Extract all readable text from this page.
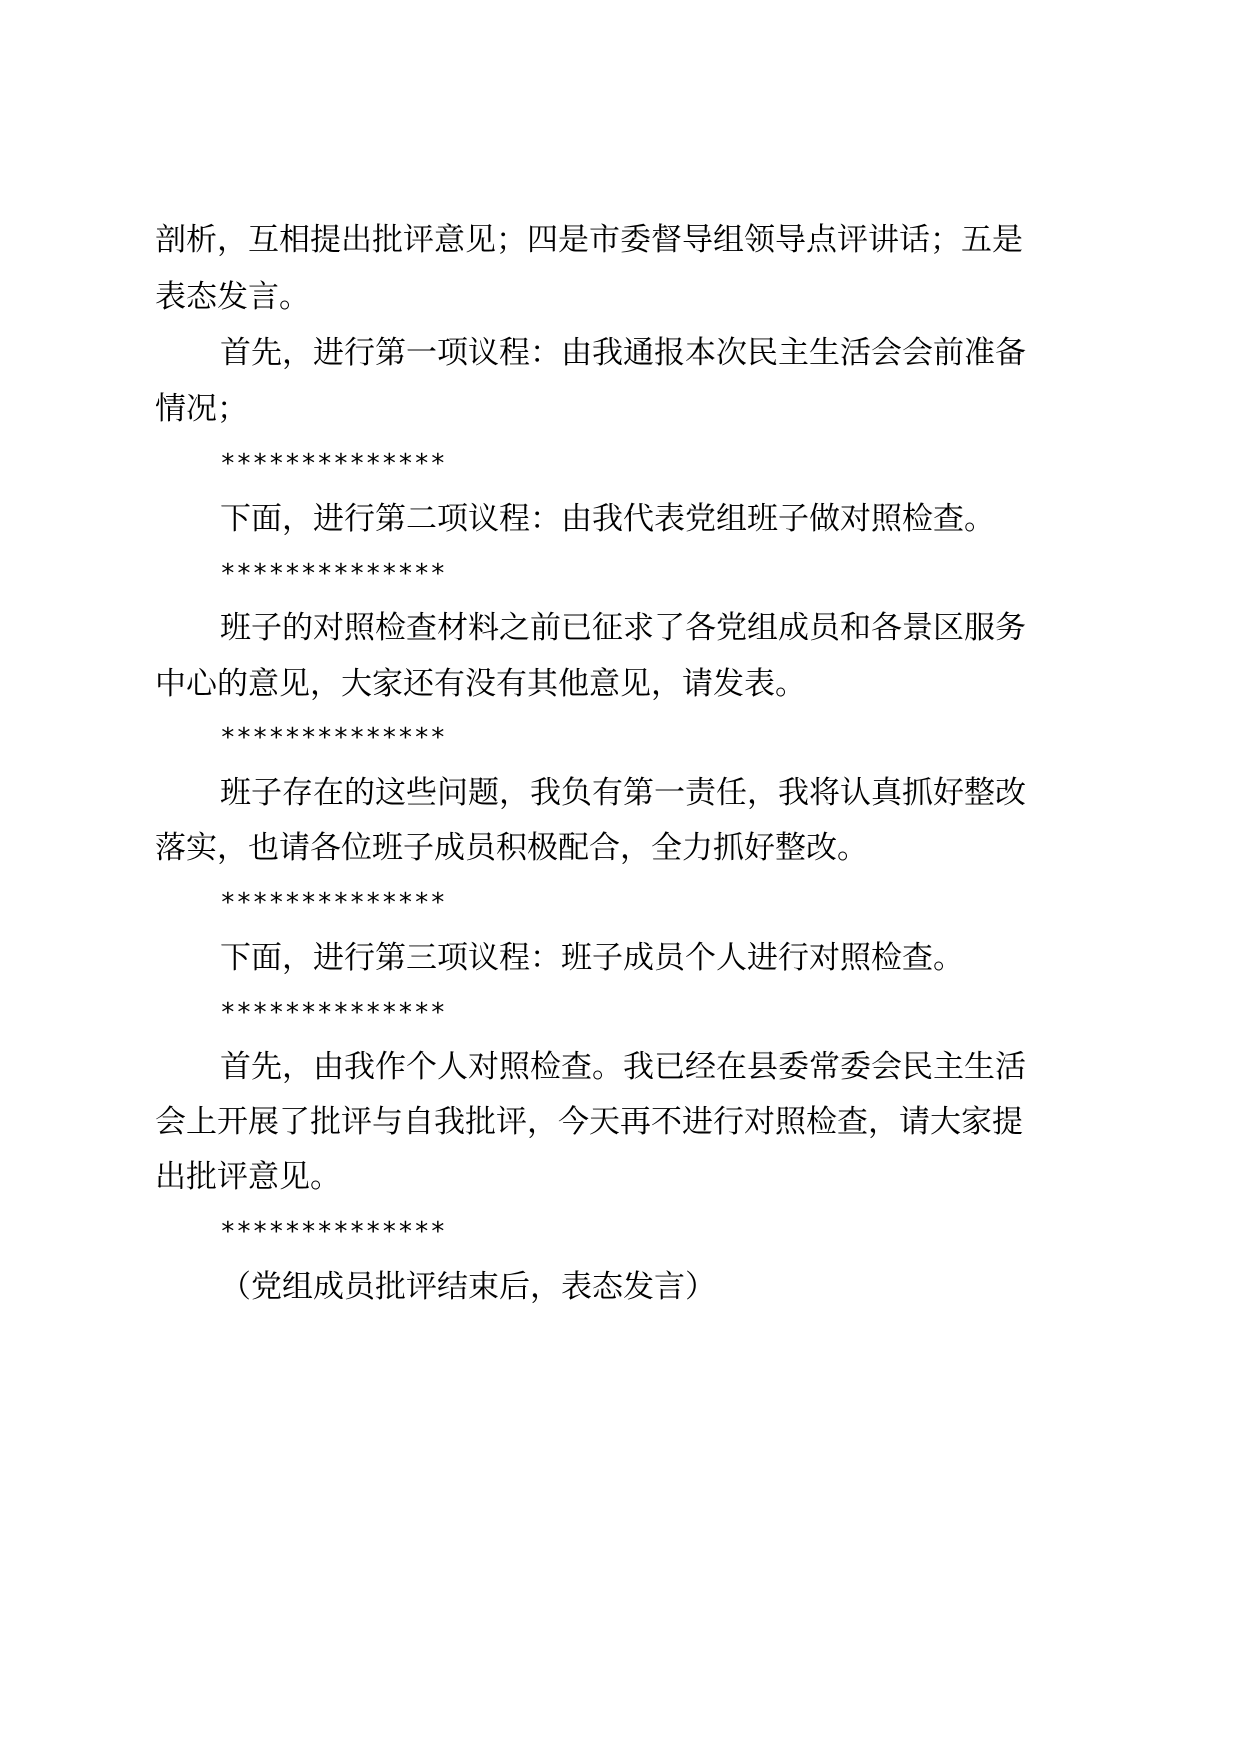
剖析，互相提出批评意见；四是市委督导组领导点评讲话；五是
表态发言。
首先，进行第一项议程：由我通报本次民主生活会会前准备
情况；
**************
下面，进行第二项议程：由我代表党组班子做对照检查。
**************
班子的对照检查材料之前已征求了各党组成员和各景区服务
中心的意见，大家还有没有其他意见，请发表。
**************
班子存在的这些问题，我负有第一责任，我将认真抓好整改
落实，也请各位班子成员积极配合，全力抓好整改。
**************
下面，进行第三项议程：班子成员个人进行对照检查。
**************
首先，由我作个人对照检查。我已经在县委常委会民主生活
会上开展了批评与自我批评，今天再不进行对照检查，请大家提
出批评意见。
**************
（党组成员批评结束后，表态发言）
